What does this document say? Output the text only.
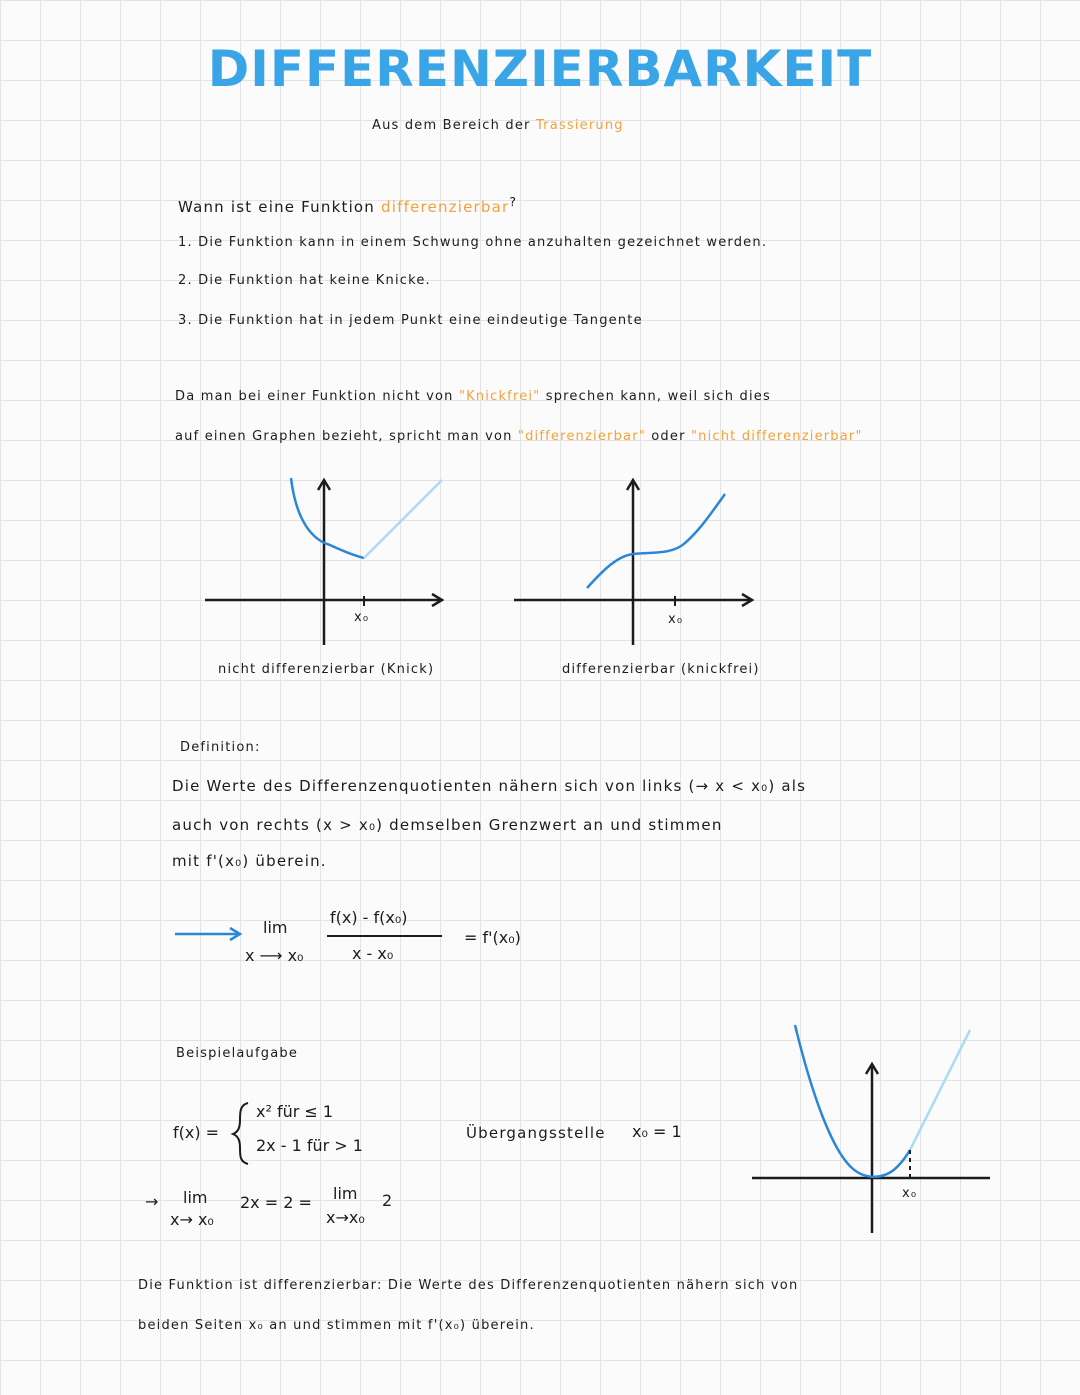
DIFFERENZIERBARKEIT
Aus dem Bereich der Trassierung
Wann ist eine Funktion differenzierbar?
1. Die Funktion kann in einem Schwung ohne anzuhalten gezeichnet werden.
2. Die Funktion hat keine Knicke.
3. Die Funktion hat in jedem Punkt eine eindeutige Tangente
Da man bei einer Funktion nicht von "Knickfrei" sprechen kann, weil sich dies
auf einen Graphen bezieht, spricht man von "differenzierbar" oder "nicht differenzierbar"
x₀	x₀
nicht differenzierbar (Knick)	differenzierbar (knickfrei)
Definition:
Die Werte des Differenzenquotienten nähern sich von links (→ x < x₀) als
auch von rechts (x > x₀) demselben Grenzwert an und stimmen
mit f'(x₀) überein.
lim
x ⟶ x₀
f(x) - f(x₀)
x - x₀
= f'(x₀)
Beispielaufgabe
f(x) =
x² für ≤ 1
2x - 1 für > 1
Übergangsstelle x₀ = 1
→ lim
x→ x₀
2x = 2 = lim
x→x₀
2	x₀
Die Funktion ist differenzierbar: Die Werte des Differenzenquotienten nähern sich von
beiden Seiten x₀ an und stimmen mit f'(x₀) überein.
